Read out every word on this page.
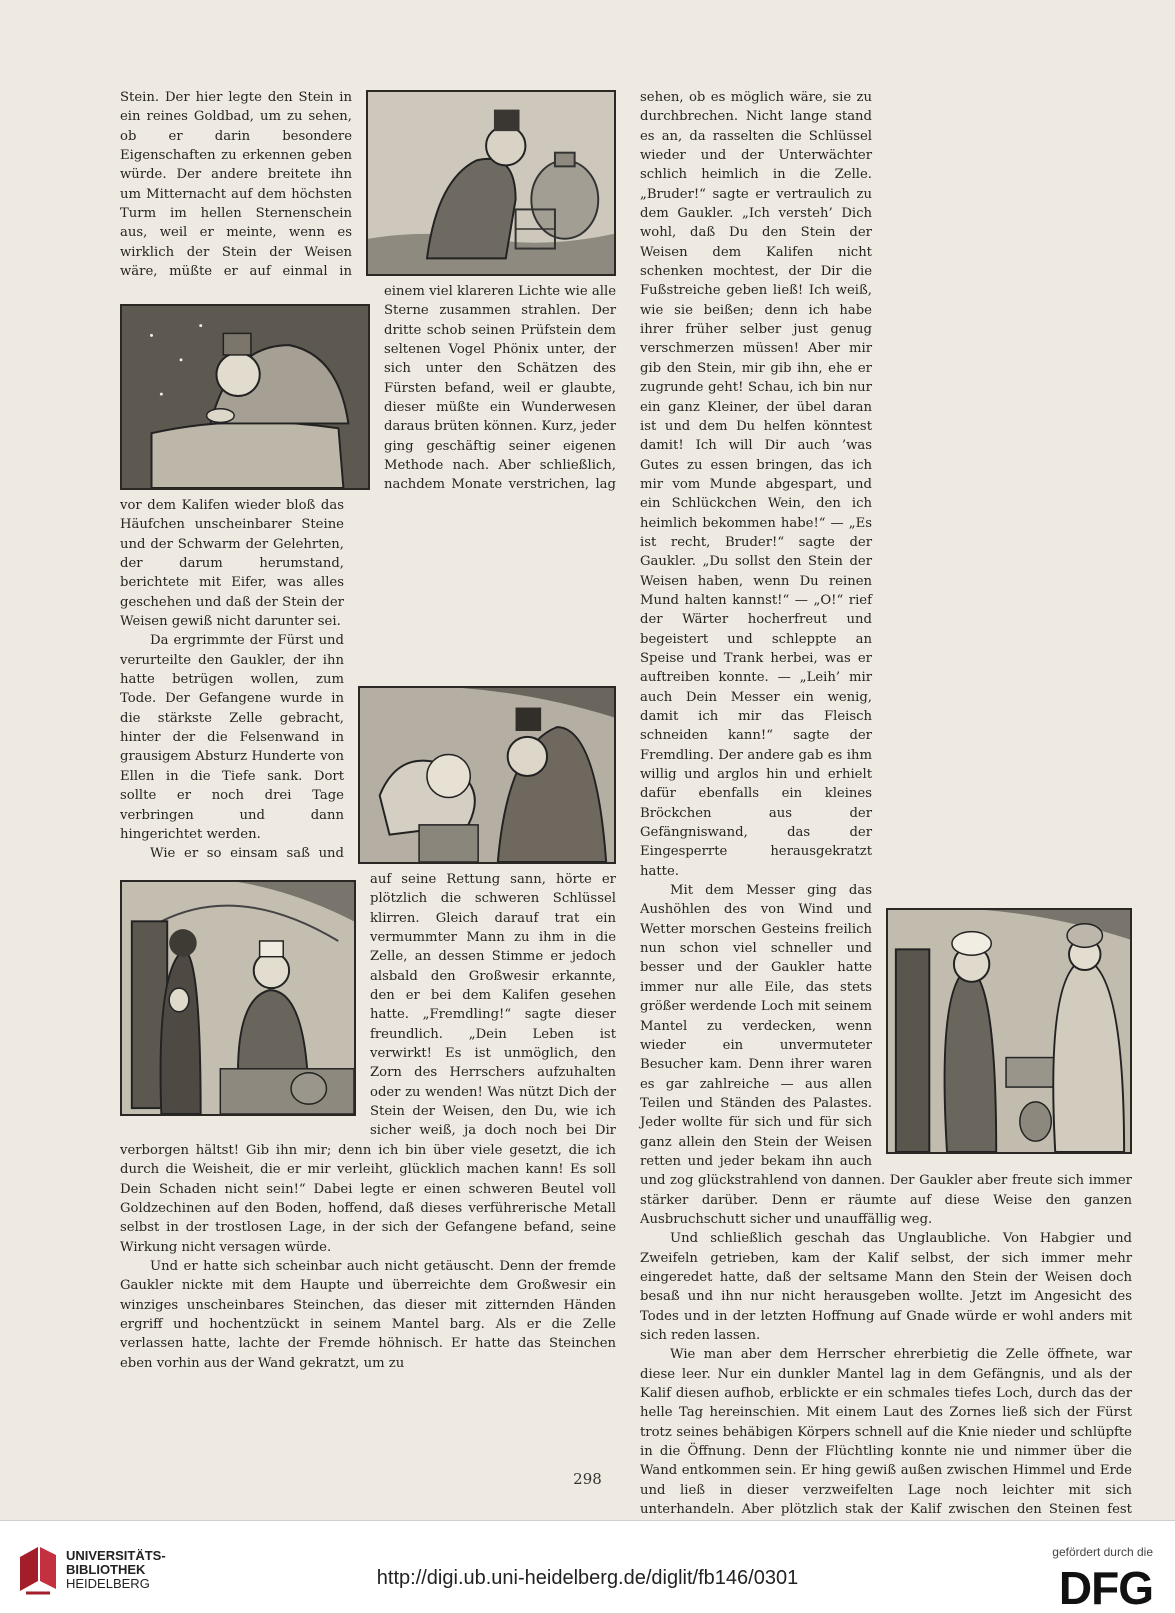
Stein. Der hier legte den Stein in ein reines Goldbad, um zu sehen, ob er darin besondere Eigenschaften zu erkennen geben würde. Der andere breitete ihn um Mitternacht auf dem höchsten Turm im hellen Sternenschein aus, weil er meinte, wenn es wirklich der Stein der Weisen wäre, müßte er auf einmal in einem viel klareren Lichte wie alle Sterne zusammen strahlen. Der dritte schob seinen Prüfstein dem seltenen Vogel Phönix unter, der sich unter den Schätzen des Fürsten befand, weil er glaubte, dieser müßte ein Wunderwesen daraus brüten können. Kurz, jeder ging geschäftig seiner eigenen Methode nach. Aber schließlich, nachdem Monate verstrichen, lag vor dem Kalifen wieder bloß das Häufchen unscheinbarer Steine und der Schwarm der Gelehrten, der darum herumstand, berichtete mit Eifer, was alles geschehen und daß der Stein der Weisen gewiß nicht darunter sei.

Da ergrimmte der Fürst und verurteilte den Gaukler, der ihn hatte betrügen wollen, zum Tode. Der Gefangene wurde in die stärkste Zelle gebracht, hinter der die Felsenwand in grausigem Absturz Hunderte von Ellen in die Tiefe sank. Dort sollte er noch drei Tage verbringen und dann hingerichtet werden.

Wie er so einsam saß und auf seine Rettung sann, hörte er plötzlich die schweren Schlüssel klirren. Gleich darauf trat ein vermummter Mann zu ihm in die Zelle, an dessen Stimme er jedoch alsbald den Großwesir erkannte, den er bei dem Kalifen gesehen hatte. „Fremdling!“ sagte dieser freundlich. „Dein Leben ist verwirkt! Es ist unmöglich, den Zorn des Herrschers aufzuhalten oder zu wenden! Was nützt Dich der Stein der Weisen, den Du, wie ich sicher weiß, ja doch noch bei Dir verborgen hältst! Gib ihn mir; denn ich bin über viele gesetzt, die ich durch die Weisheit, die er mir verleiht, glücklich machen kann! Es soll Dein Schaden nicht sein!“ Dabei legte er einen schweren Beutel voll Goldzechinen auf den Boden, hoffend, daß dieses verführerische Metall selbst in der trostlosen Lage, in der sich der Gefangene befand, seine Wirkung nicht versagen würde.

Und er hatte sich scheinbar auch nicht getäuscht. Denn der fremde Gaukler nickte mit dem Haupte und überreichte dem Großwesir ein winziges unscheinbares Steinchen, das dieser mit zitternden Händen ergriff und hochentzückt in seinem Mantel barg. Als er die Zelle verlassen hatte, lachte der Fremde höhnisch. Er hatte das Steinchen eben vorhin aus der Wand gekratzt, um zu

sehen, ob es möglich wäre, sie zu durchbrechen. Nicht lange stand es an, da rasselten die Schlüssel wieder und der Unterwächter schlich heimlich in die Zelle. „Bruder!“ sagte er vertraulich zu dem Gaukler. „Ich versteh’ Dich wohl, daß Du den Stein der Weisen dem Kalifen nicht schenken mochtest, der Dir die Fußstreiche geben ließ! Ich weiß, wie sie beißen; denn ich habe ihrer früher selber just genug verschmerzen müssen! Aber mir gib den Stein, mir gib ihn, ehe er zugrunde geht! Schau, ich bin nur ein ganz Kleiner, der übel daran ist und dem Du helfen könntest damit! Ich will Dir auch ’was Gutes zu essen bringen, das ich mir vom Munde abgespart, und ein Schlückchen Wein, den ich heimlich bekommen habe!“ — „Es ist recht, Bruder!“ sagte der Gaukler. „Du sollst den Stein der Weisen haben, wenn Du reinen Mund halten kannst!“ — „O!“ rief der Wärter hocherfreut und begeistert und schleppte an Speise und Trank herbei, was er auftreiben konnte. — „Leih’ mir auch Dein Messer ein wenig, damit ich mir das Fleisch schneiden kann!“ sagte der Fremdling. Der andere gab es ihm willig und arglos hin und erhielt dafür ebenfalls ein kleines Bröckchen aus der Gefängniswand, das der Eingesperrte herausgekratzt hatte.

Mit dem Messer ging das Aushöhlen des von Wind und Wetter morschen Gesteins freilich nun schon viel schneller und besser und der Gaukler hatte immer nur alle Eile, das stets größer werdende Loch mit seinem Mantel zu verdecken, wenn wieder ein unvermuteter Besucher kam. Denn ihrer waren es gar zahlreiche — aus allen Teilen und Ständen des Palastes. Jeder wollte für sich und für sich ganz allein den Stein der Weisen retten und jeder bekam ihn auch und zog glückstrahlend von dannen. Der Gaukler aber freute sich immer stärker darüber. Denn er räumte auf diese Weise den ganzen Ausbruchschutt sicher und unauffällig weg.

Und schließlich geschah das Unglaubliche. Von Habgier und Zweifeln getrieben, kam der Kalif selbst, der sich immer mehr eingeredet hatte, daß der seltsame Mann den Stein der Weisen doch besaß und ihn nur nicht herausgeben wollte. Jetzt im Angesicht des Todes und in der letzten Hoffnung auf Gnade würde er wohl anders mit sich reden lassen.

Wie man aber dem Herrscher ehrerbietig die Zelle öffnete, war diese leer. Nur ein dunkler Mantel lag in dem Gefängnis, und als der Kalif diesen aufhob, erblickte er ein schmales tiefes Loch, durch das der helle Tag hereinschien. Mit einem Laut des Zornes ließ sich der Fürst trotz seines behäbigen Körpers schnell auf die Knie nieder und schlüpfte in die Öffnung. Denn der Flüchtling konnte nie und nimmer über die Wand entkommen sein. Er hing gewiß außen zwischen Himmel und Erde und ließ in dieser verzweifelten Lage noch leichter mit sich unterhandeln. Aber plötzlich stak der Kalif zwischen den Steinen fest

298
UNIVERSITÄTS-
BIBLIOTHEK
HEIDELBERG	http://digi.ub.uni-heidelberg.de/diglit/fb146/0301
gefördert durch die
DFG
